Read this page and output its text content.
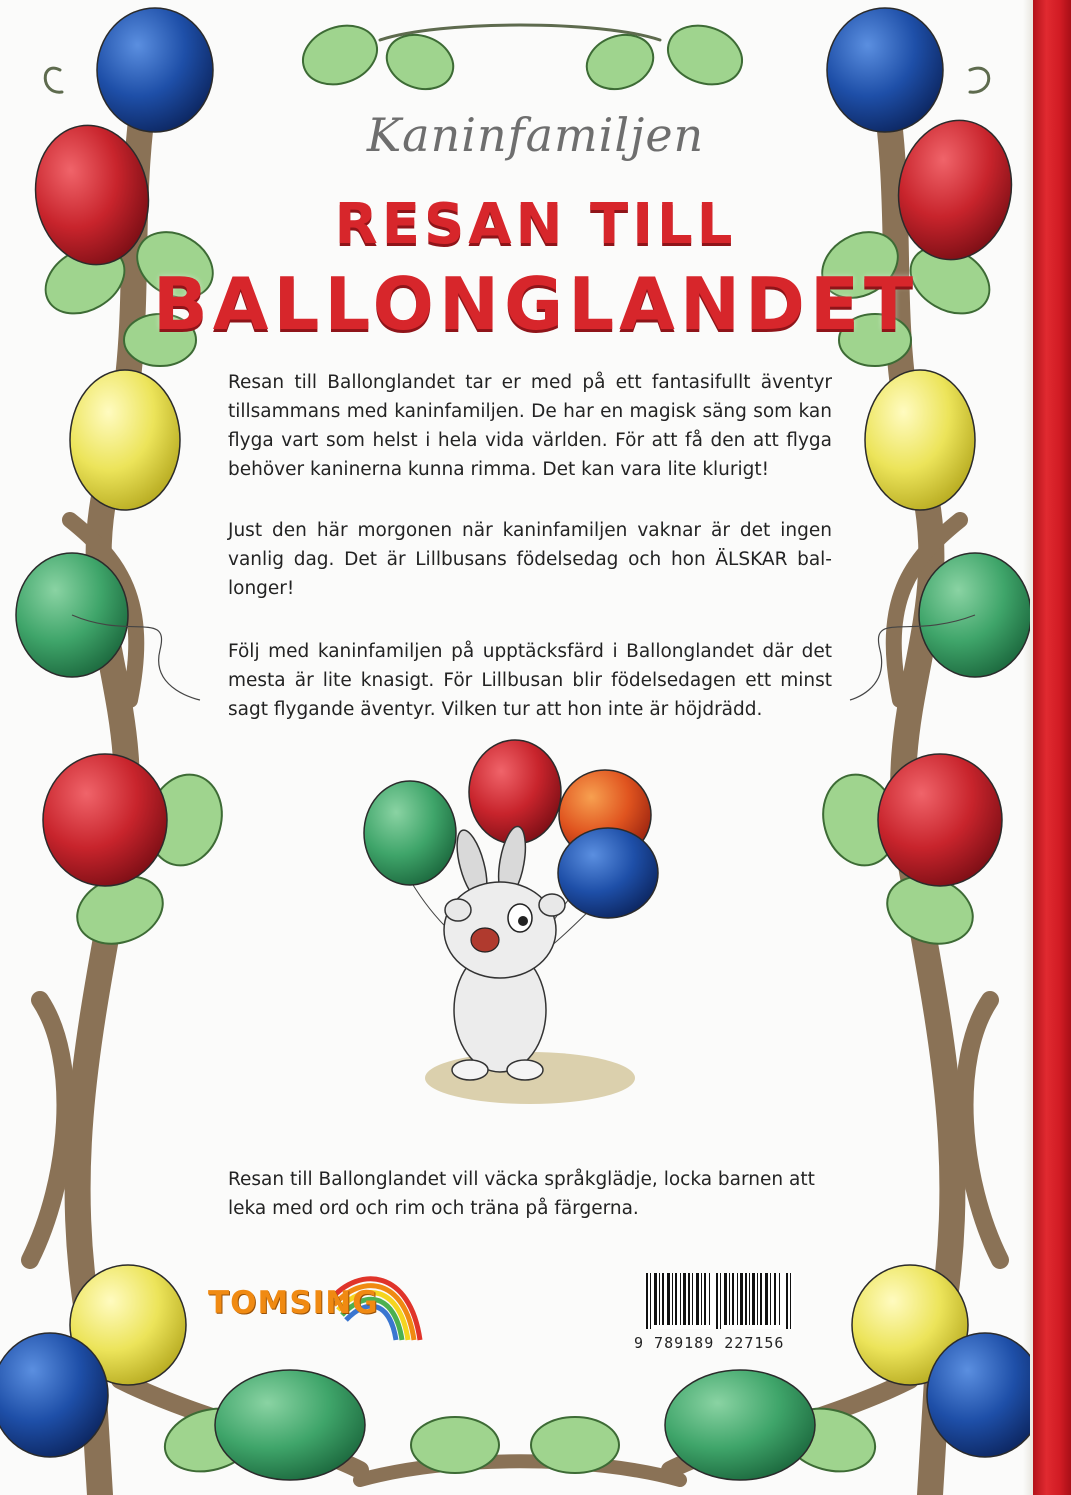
Kaninfamiljen
RESAN TILL
BALLONGLANDET

Resan till Ballonglandet tar er med på ett fantasifullt äventyr tillsammans med kaninfamiljen. De har en magisk säng som kan flyga vart som helst i hela vida världen. För att få den att flyga behöver kaninerna kunna rimma. Det kan vara lite klurigt!

Just den här morgonen när kaninfamiljen vaknar är det ingen vanlig dag. Det är Lillbusans födelsedag och hon ÄLSKAR bal-longer!

Följ med kaninfamiljen på upptäcksfärd i Ballonglandet där det mesta är lite knasigt. För Lillbusan blir födelsedagen ett minst sagt flygande äventyr. Vilken tur att hon inte är höjdrädd.

Resan till Ballonglandet vill väcka språkglädje, locka barnen att leka med ord och rim och träna på färgerna.

TOMSING
9 789189 227156
